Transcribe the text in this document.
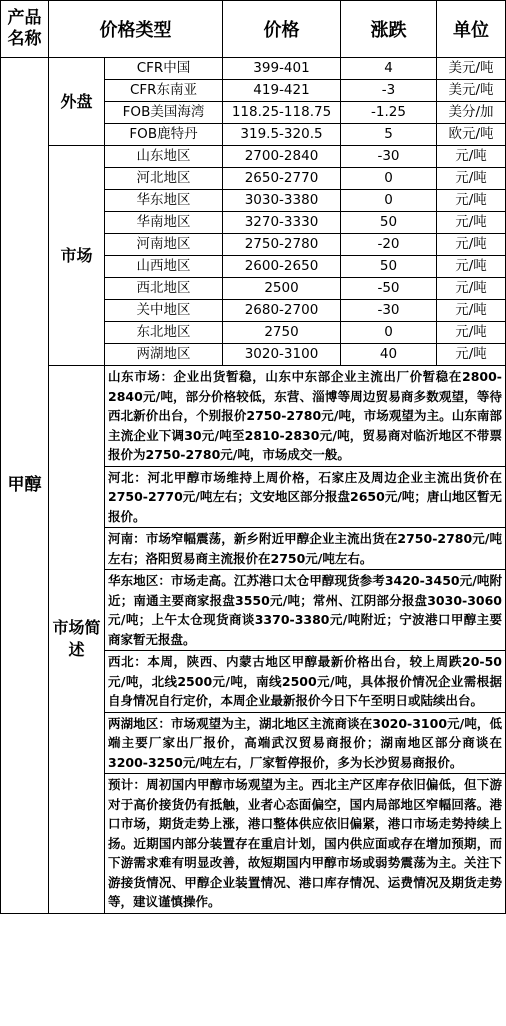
产品名称	价格类型		价格	涨跌	单位
甲醇	外盘	CFR中国	399-401	4	美元/吨
		CFR东南亚	419-421	-3	美元/吨
		FOB美国海湾	118.25-118.75	-1.25	美分/加
		FOB鹿特丹	319.5-320.5	5	欧元/吨
	市场	山东地区	2700-2840	-30	元/吨
		河北地区	2650-2770	0	元/吨
		华东地区	3030-3380	0	元/吨
		华南地区	3270-3330	50	元/吨
		河南地区	2750-2780	-20	元/吨
		山西地区	2600-2650	50	元/吨
		西北地区	2500	-50	元/吨
		关中地区	2680-2700	-30	元/吨
		东北地区	2750	0	元/吨
		两湖地区	3020-3100	40	元/吨
	市场简述	山东市场：企业出货暂稳，山东中东部企业主流出厂价暂稳在2800-2840元/吨，部分价格较低，东营、淄博等周边贸易商多数观望，等待西北新价出台，个别报价2750-2780元/吨，市场观望为主。山东南部主流企业下调30元/吨至2810-2830元/吨，贸易商对临沂地区不带票报价为2750-2780元/吨，市场成交一般。			
		河北：河北甲醇市场维持上周价格，石家庄及周边企业主流出货价在2750-2770元/吨左右；文安地区部分报盘2650元/吨；唐山地区暂无报价。			
		河南：市场窄幅震荡，新乡附近甲醇企业主流出货在2750-2780元/吨左右；洛阳贸易商主流报价在2750元/吨左右。			
		华东地区：市场走高。江苏港口太仓甲醇现货参考3420-3450元/吨附近；南通主要商家报盘3550元/吨；常州、江阴部分报盘3030-3060元/吨；上午太仓现货商谈3370-3380元/吨附近；宁波港口甲醇主要商家暂无报盘。			
		西北：本周，陕西、内蒙古地区甲醇最新价格出台，较上周跌20-50元/吨，北线2500元/吨，南线2500元/吨，具体报价情况企业需根据自身情况自行定价，本周企业最新报价今日下午至明日或陆续出台。			
		两湖地区：市场观望为主，湖北地区主流商谈在3020-3100元/吨，低端主要厂家出厂报价，高端武汉贸易商报价；湖南地区部分商谈在3200-3250元/吨左右，厂家暂停报价，多为长沙贸易商报价。			
		预计：周初国内甲醇市场观望为主。西北主产区库存依旧偏低，但下游对于高价接货仍有抵触，业者心态面偏空，国内局部地区窄幅回落。港口市场，期货走势上涨，港口整体供应依旧偏紧，港口市场走势持续上扬。近期国内部分装置存在重启计划，国内供应面或存在增加预期，而下游需求难有明显改善，故短期国内甲醇市场或弱势震荡为主。关注下游接货情况、甲醇企业装置情况、港口库存情况、运费情况及期货走势等，建议谨慎操作。			
